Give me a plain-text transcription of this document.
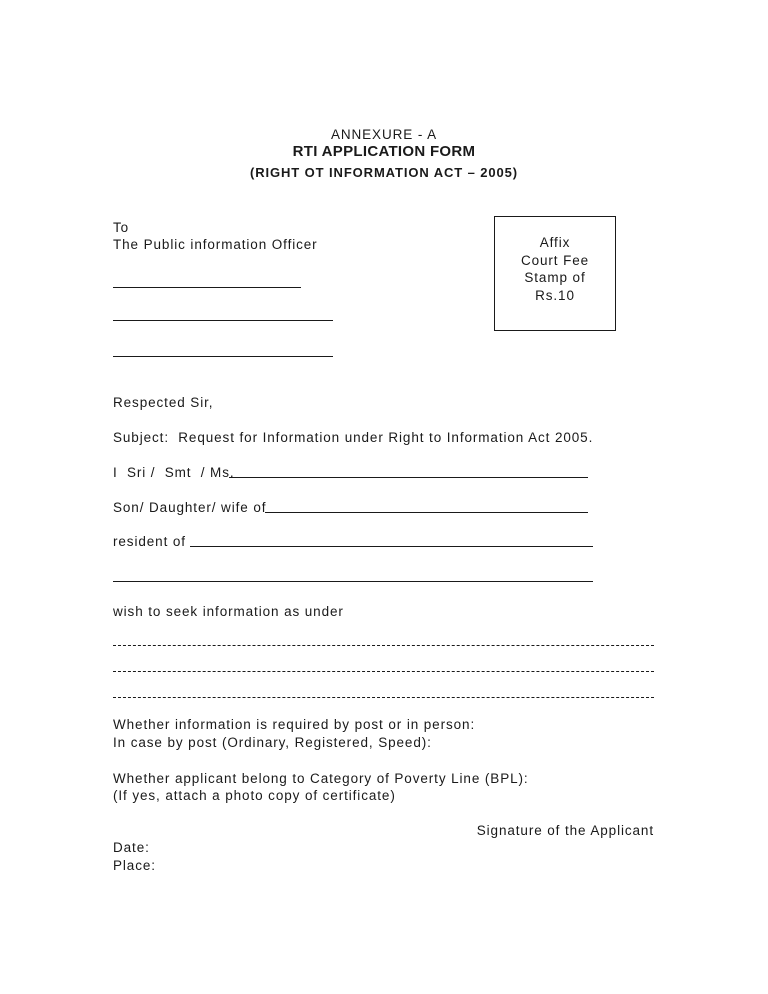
ANNEXURE - A
RTI APPLICATION FORM
(RIGHT OT INFORMATION ACT – 2005)
To
The Public information Officer	Affix
Court Fee
Stamp of
Rs.10
Respected Sir,
Subject:  Request for Information under Right to Information Act 2005.
I  Sri /  Smt  / Ms.
Son/ Daughter/ wife of
resident of
wish to seek information as under
Whether information is required by post or in person:
In case by post (Ordinary, Registered, Speed):
Whether applicant belong to Category of Poverty Line (BPL):
(If yes, attach a photo copy of certificate)
Signature of the Applicant
Date:
Place:
